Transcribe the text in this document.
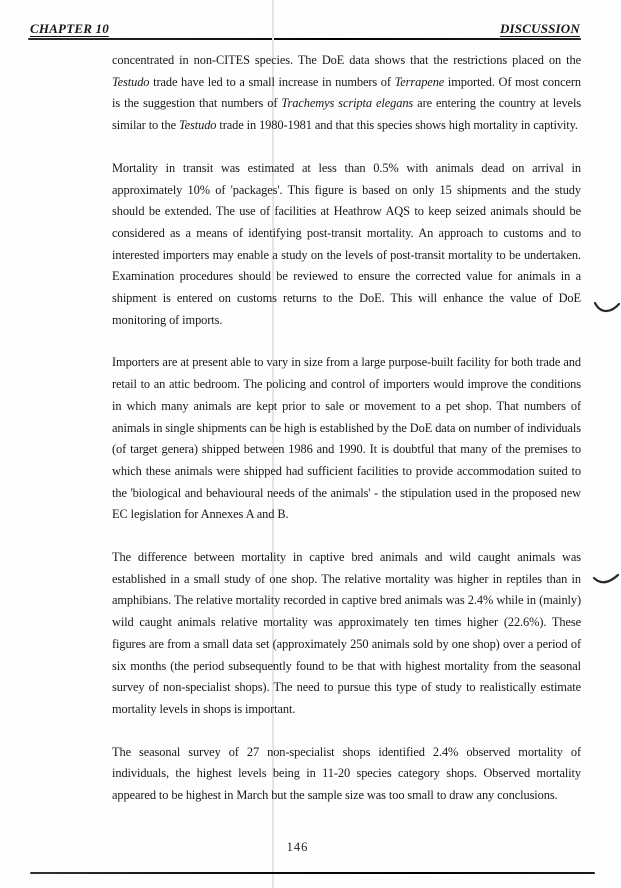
CHAPTER 10	DISCUSSION

concentrated in non-CITES species. The DoE data shows that the restrictions placed on the Testudo trade have led to a small increase in numbers of Terrapene imported. Of most concern is the suggestion that numbers of Trachemys scripta elegans are entering the country at levels similar to the Testudo trade in 1980-1981 and that this species shows high mortality in captivity.

Mortality in transit was estimated at less than 0.5% with animals dead on arrival in approximately 10% of 'packages'. This figure is based on only 15 shipments and the study should be extended. The use of facilities at Heathrow AQS to keep seized animals should be considered as a means of identifying post-transit mortality. An approach to customs and to interested importers may enable a study on the levels of post-transit mortality to be undertaken. Examination procedures should be reviewed to ensure the corrected value for animals in a shipment is entered on customs returns to the DoE. This will enhance the value of DoE monitoring of imports.

Importers are at present able to vary in size from a large purpose-built facility for both trade and retail to an attic bedroom. The policing and control of importers would improve the conditions in which many animals are kept prior to sale or movement to a pet shop. That numbers of animals in single shipments can be high is established by the DoE data on number of individuals (of target genera) shipped between 1986 and 1990. It is doubtful that many of the premises to which these animals were shipped had sufficient facilities to provide accommodation suited to the 'biological and behavioural needs of the animals' - the stipulation used in the proposed new EC legislation for Annexes A and B.

The difference between mortality in captive bred animals and wild caught animals was established in a small study of one shop. The relative mortality was higher in reptiles than in amphibians. The relative mortality recorded in captive bred animals was 2.4% while in (mainly) wild caught animals relative mortality was approximately ten times higher (22.6%). These figures are from a small data set (approximately 250 animals sold by one shop) over a period of six months (the period subsequently found to be that with highest mortality from the seasonal survey of non-specialist shops). The need to pursue this type of study to realistically estimate mortality levels in shops is important.

The seasonal survey of 27 non-specialist shops identified 2.4% observed mortality of individuals, the highest levels being in 11-20 species category shops. Observed mortality appeared to be highest in March but the sample size was too small to draw any conclusions.

146
